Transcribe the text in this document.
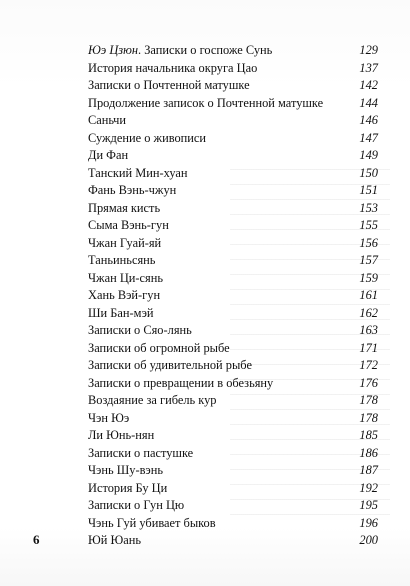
Юэ Цзюн. Записки о госпоже Сунь	129
История начальника округа Цао	137
Записки о Почтенной матушке	142
Продолжение записок о Почтенной матушке	144
Саньчи	146
Суждение о живописи	147
Ди Фан	149
Танский Мин-хуан	150
Фань Вэнь-чжун	151
Прямая кисть	153
Сыма Вэнь-гун	155
Чжан Гуай-яй	156
Таньиньсянь	157
Чжан Ци-сянь	159
Хань Вэй-гун	161
Ши Бан-мэй	162
Записки о Сяо-лянь	163
Записки об огромной рыбе	171
Записки об удивительной рыбе	172
Записки о превращении в обезьяну	176
Воздаяние за гибель кур	178
Чэн Юэ	178
Ли Юнь-нян	185
Записки о пастушке	186
Чэнь Шу-вэнь	187
История Бу Ци	192
Записки о Гун Цю	195
Чэнь Гуй убивает быков	196
Юй Юань	200
6
